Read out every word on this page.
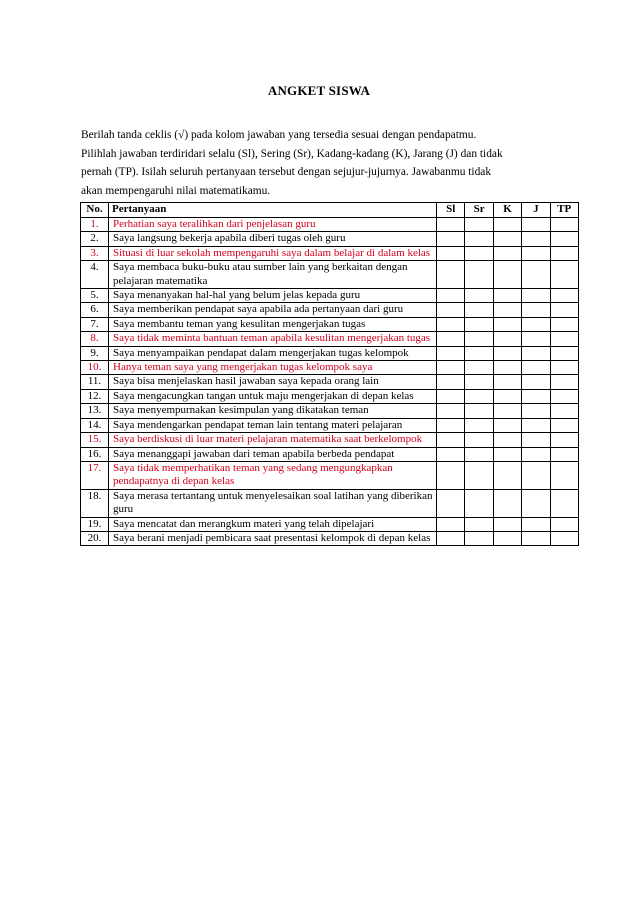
ANGKET SISWA

Berilah tanda ceklis (√) pada kolom jawaban yang tersedia sesuai dengan pendapatmu.

Pilihlah jawaban terdiridari selalu (Sl), Sering (Sr), Kadang-kadang (K), Jarang (J) dan tidak

pernah (TP). Isilah seluruh pertanyaan tersebut dengan sejujur-jujurnya. Jawabanmu tidak

akan mempengaruhi nilai matematikamu.

No.	Pertanyaan	Sl	Sr	K	J	TP
1.	Perhatian saya teralihkan dari penjelasan guru					
2.	Saya langsung bekerja apabila diberi tugas oleh guru					
3.	Situasi di luar sekolah mempengaruhi saya dalam belajar di dalam kelas					
4.	Saya membaca buku-buku atau sumber lain yang berkaitan dengan pelajaran matematika					
5.	Saya menanyakan hal-hal yang belum jelas kepada guru					
6.	Saya memberikan pendapat saya apabila ada pertanyaan dari guru					
7.	Saya membantu teman yang kesulitan mengerjakan tugas					
8.	Saya tidak meminta bantuan teman apabila kesulitan mengerjakan tugas					
9.	Saya menyampaikan pendapat dalam mengerjakan tugas kelompok					
10.	Hanya teman saya yang mengerjakan tugas kelompok saya					
11.	Saya bisa menjelaskan hasil jawaban saya kepada orang lain					
12.	Saya mengacungkan tangan untuk maju mengerjakan di depan kelas					
13.	Saya menyempurnakan kesimpulan yang dikatakan teman					
14.	Saya mendengarkan pendapat teman lain tentang materi pelajaran					
15.	Saya berdiskusi di luar materi pelajaran matematika saat berkelompok					
16.	Saya menanggapi jawaban dari teman apabila berbeda pendapat					
17.	Saya tidak memperhatikan teman yang sedang mengungkapkan pendapatnya di depan kelas					
18.	Saya merasa tertantang untuk menyelesaikan soal latihan yang diberikan guru					
19.	Saya mencatat dan merangkum materi yang telah dipelajari					
20.	Saya berani menjadi pembicara saat presentasi kelompok di depan kelas					
